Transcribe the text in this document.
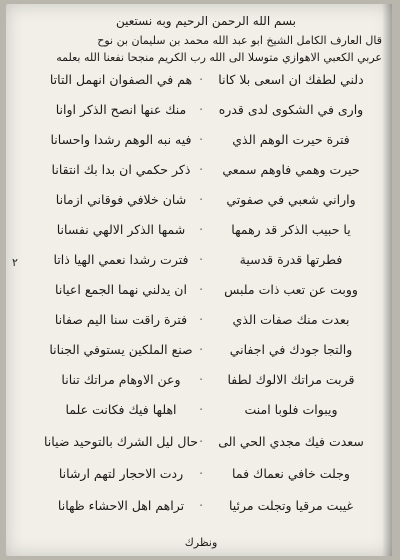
بسم الله الرحمن الرحيم وبه نستعين
قال العارف الكامل الشيخ ابو عبد الله محمد بن سليمان بن نوح
عربي الكعبي الاهوازي متوسلا الى الله رب الكريم منجحا نفعنا الله بعلمه
دلني لطفك ان اسعى بلا كانا
٠
هم في الصفوان انهمل التاتا
وارى في الشكوى لدى قدره
٠
منك عنها انصح الذكر اوانا
فترة حيرت الوهم الذي
٠
فيه نبه الوهم رشدا واحسانا
حيرت وهمي فاوهم سمعي
٠
ذكر حكمي ان بدا بك انتقانا
واراني شعبي في صفوتي
٠
شان خلافي فوقاني ازمانا
يا حبيب الذكر قد رهمها
٠
شمها الذكر الالهي نفسانا
٢	فطرتها قدرة قدسية
٠
فترت رشدا نعمي الهيا ذاتا
ووبت عن تعب ذات ملبس
٠
ان يدلني نهما الجمع اعيانا
بعدت منك صفات الذي
٠
فترة راقت سنا اليم صفانا
والتجا جودك في اجفاني
٠
صنع الملكين يستوفي الجنانا
قربت مراتك الالوك لطفا
٠
وعن الاوهام مراتك تنانا
ويبوات فلوبا امنت
٠
اهلها فيك فكانت علما
سعدت فيك مجدي الحي الى
٠
حال ليل الشرك بالتوحيد ضيانا
وجلت خافي نعماك فما
٠
ردت الاحجار لتهم ارشانا
غيبت مرقيا وتجلت مرئيا
٠
تراهم اهل الاحشاء ظهانا
ونظرك
